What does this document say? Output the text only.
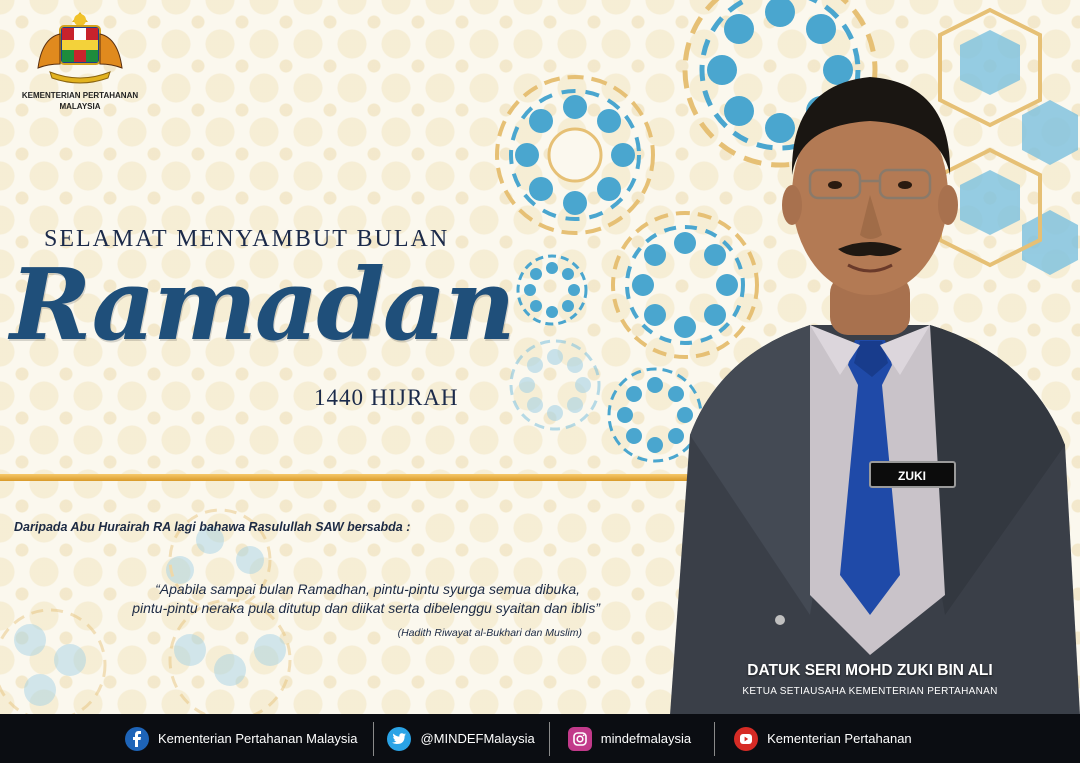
KEMENTERIAN PERTAHANAN
MALAYSIA
SELAMAT MENYAMBUT BULAN
Ramadan
1440 HIJRAH
Daripada Abu Hurairah RA lagi bahawa Rasulullah SAW bersabda :
“Apabila sampai bulan Ramadhan, pintu-pintu syurga semua dibuka,
pintu-pintu neraka pula ditutup dan diikat serta dibelenggu syaitan dan iblis”
(Hadith Riwayat al-Bukhari dan Muslim)
ZUKI
DATUK SERI MOHD ZUKI BIN ALI
KETUA SETIAUSAHA KEMENTERIAN PERTAHANAN
Kementerian Pertahanan Malaysia	@MINDEFMalaysia	mindefmalaysia	Kementerian Pertahanan
